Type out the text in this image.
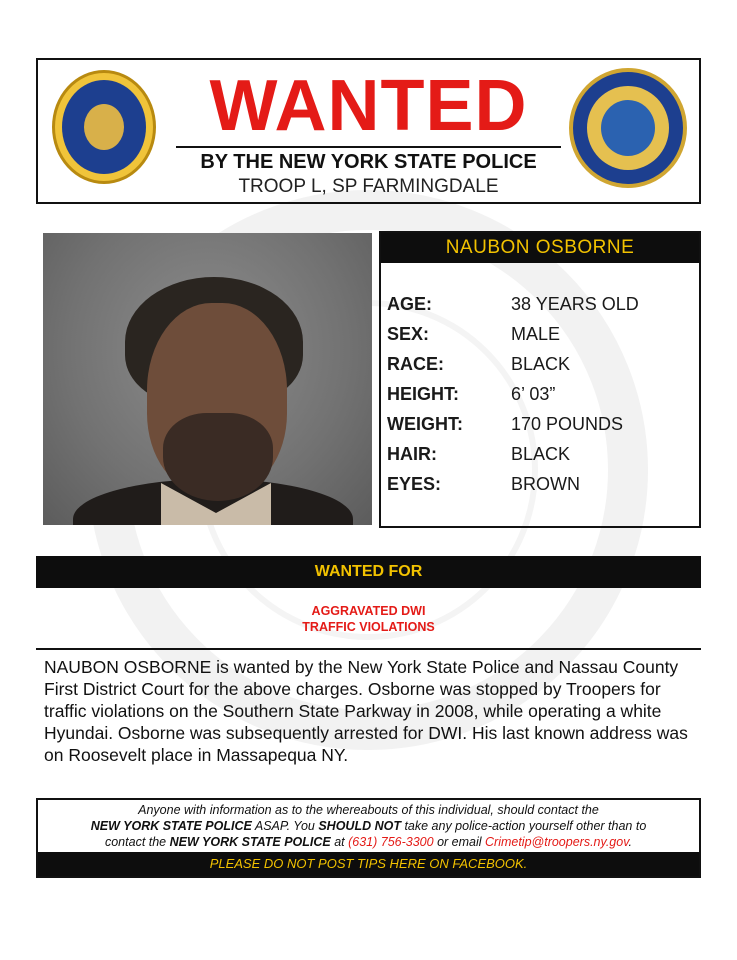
WANTED
BY THE NEW YORK STATE POLICE
TROOP L, SP FARMINGDALE
NAUBON OSBORNE
AGE:	38 YEARS OLD
SEX:	MALE
RACE:	BLACK
HEIGHT:	6’ 03”
WEIGHT:	170 POUNDS
HAIR:	BLACK
EYES:	BROWN
WANTED FOR
AGGRAVATED DWI
TRAFFIC VIOLATIONS
NAUBON OSBORNE is wanted by the New York State Police and Nassau County First District Court for the above charges. Osborne was stopped by Troopers for traffic violations on the Southern State Parkway in 2008, while operating a white Hyundai. Osborne was subsequently arrested for DWI. His last known address was on Roosevelt place in Massapequa NY.
Anyone with information as to the whereabouts of this individual, should contact the
NEW YORK STATE POLICE ASAP. You SHOULD NOT take any police-action yourself other than to
contact the NEW YORK STATE POLICE at (631) 756-3300 or email Crimetip@troopers.ny.gov.
PLEASE DO NOT POST TIPS HERE ON FACEBOOK.
